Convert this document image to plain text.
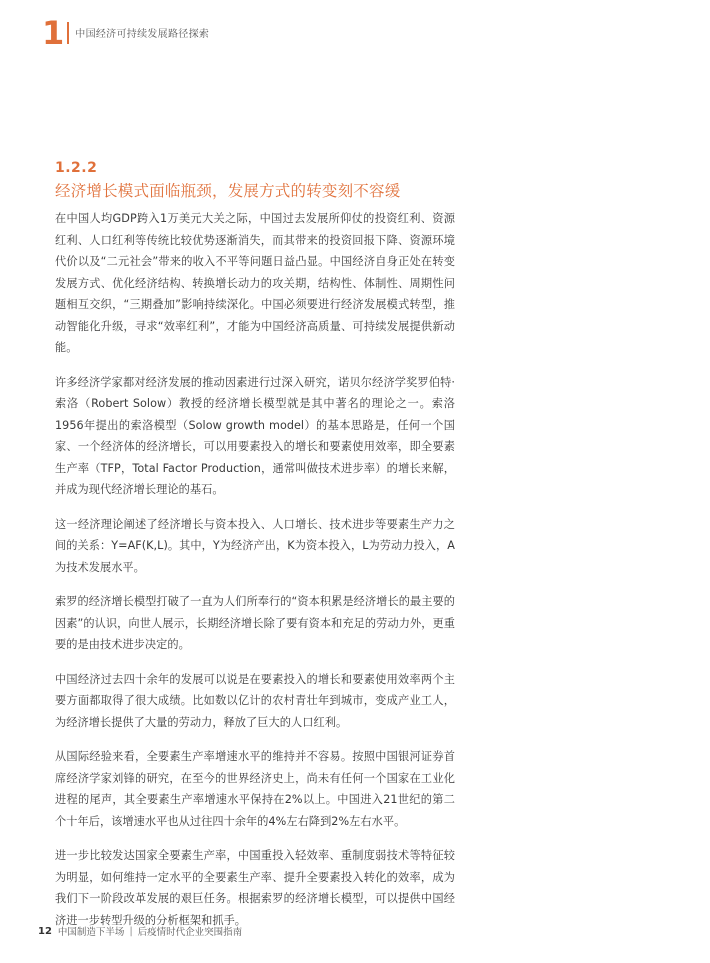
1 中国经济可持续发展路径探索
1.2.2
经济增长模式面临瓶颈，发展方式的转变刻不容缓

在中国人均GDP跨入1万美元大关之际，中国过去发展所仰仗的投资红利、资源红利、人口红利等传统比较优势逐渐消失，而其带来的投资回报下降、资源环境代价以及“二元社会”带来的收入不平等问题日益凸显。中国经济自身正处在转变发展方式、优化经济结构、转换增长动力的攻关期，结构性、体制性、周期性问题相互交织，“三期叠加”影响持续深化。中国必须要进行经济发展模式转型，推动智能化升级，寻求“效率红利”，才能为中国经济高质量、可持续发展提供新动能。

许多经济学家都对经济发展的推动因素进行过深入研究，诺贝尔经济学奖罗伯特·索洛（Robert Solow）教授的经济增长模型就是其中著名的理论之一。索洛1956年提出的索洛模型（Solow growth model）的基本思路是，任何一个国家、一个经济体的经济增长，可以用要素投入的增长和要素使用效率，即全要素生产率（TFP，Total Factor Production，通常叫做技术进步率）的增长来解，并成为现代经济增长理论的基石。

这一经济理论阐述了经济增长与资本投入、人口增长、技术进步等要素生产力之间的关系：Y=AF(K,L)。其中，Y为经济产出，K为资本投入，L为劳动力投入，A为技术发展水平。

索罗的经济增长模型打破了一直为人们所奉行的“资本积累是经济增长的最主要的因素”的认识，向世人展示，长期经济增长除了要有资本和充足的劳动力外，更重要的是由技术进步决定的。

中国经济过去四十余年的发展可以说是在要素投入的增长和要素使用效率两个主要方面都取得了很大成绩。比如数以亿计的农村青壮年到城市，变成产业工人，为经济增长提供了大量的劳动力，释放了巨大的人口红利。

从国际经验来看，全要素生产率增速水平的维持并不容易。按照中国银河证券首席经济学家刘锋的研究，在至今的世界经济史上，尚未有任何一个国家在工业化进程的尾声，其全要素生产率增速水平保持在2%以上。中国进入21世纪的第二个十年后，该增速水平也从过往四十余年的4%左右降到2%左右水平。

进一步比较发达国家全要素生产率，中国重投入轻效率、重制度弱技术等特征较为明显，如何维持一定水平的全要素生产率、提升全要素投入转化的效率，成为我们下一阶段改革发展的艰巨任务。根据索罗的经济增长模型，可以提供中国经济进一步转型升级的分析框架和抓手。

12 中国制造下半场 | 后疫情时代企业突围指南
